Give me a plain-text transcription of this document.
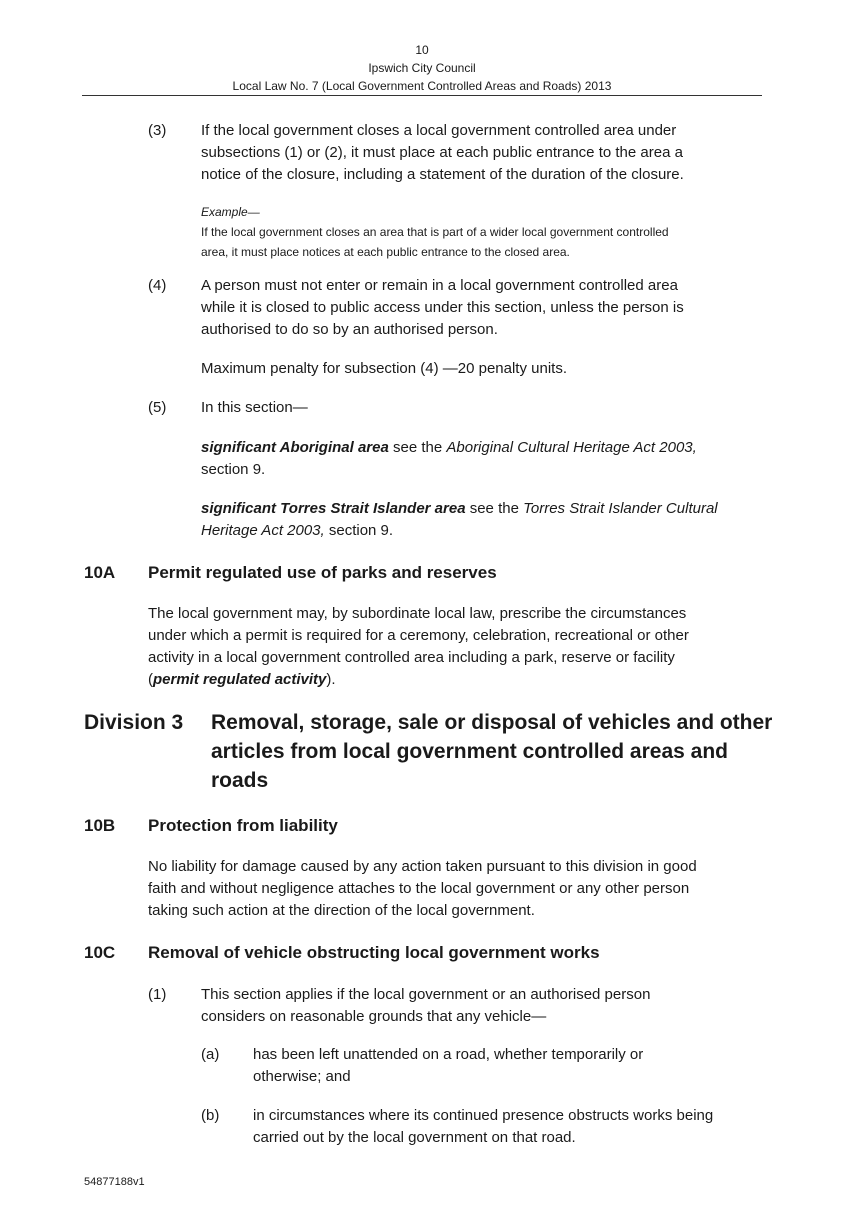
10
Ipswich City Council
Local Law No. 7 (Local Government Controlled Areas and Roads) 2013
(3) If the local government closes a local government controlled area under
subsections (1) or (2), it must place at each public entrance to the area a
notice of the closure, including a statement of the duration of the closure.
Example—
If the local government closes an area that is part of a wider local government controlled
area, it must place notices at each public entrance to the closed area.
(4) A person must not enter or remain in a local government controlled area
while it is closed to public access under this section, unless the person is
authorised to do so by an authorised person.
Maximum penalty for subsection (4) —20 penalty units.
(5) In this section—
significant Aboriginal area see the Aboriginal Cultural Heritage Act 2003,
section 9.
significant Torres Strait Islander area see the Torres Strait Islander Cultural
Heritage Act 2003, section 9.
10A Permit regulated use of parks and reserves
The local government may, by subordinate local law, prescribe the circumstances
under which a permit is required for a ceremony, celebration, recreational or other
activity in a local government controlled area including a park, reserve or facility
(permit regulated activity).
Division 3 Removal, storage, sale or disposal of vehicles and other
articles from local government controlled areas and
roads
10B Protection from liability
No liability for damage caused by any action taken pursuant to this division in good
faith and without negligence attaches to the local government or any other person
taking such action at the direction of the local government.
10C Removal of vehicle obstructing local government works
(1) This section applies if the local government or an authorised person
considers on reasonable grounds that any vehicle—
(a) has been left unattended on a road, whether temporarily or
otherwise; and
(b) in circumstances where its continued presence obstructs works being
carried out by the local government on that road.
54877188v1
